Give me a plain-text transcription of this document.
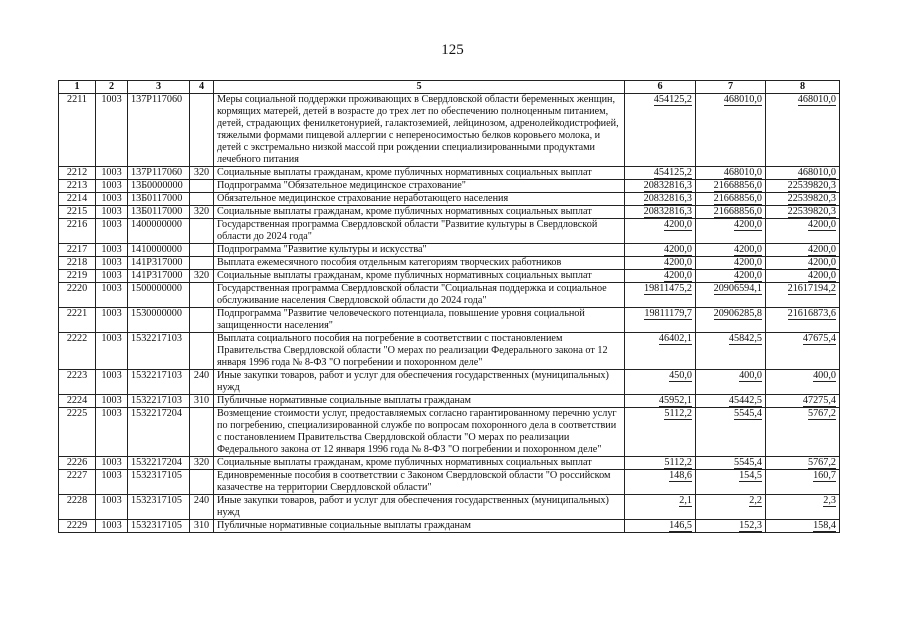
125
1	2	3	4	5	6	7	8
2211	1003	137P117060		Меры социальной поддержки проживающих в Свердловской области беременных женщин, кормящих матерей, детей в возрасте до трех лет по обеспечению полноценным питанием, детей, страдающих фенилкетонурией, галактоземией, лейцинозом, адренолейкодистрофией, тяжелыми формами пищевой аллергии с непереносимостью белков коровьего молока, и детей с экстремально низкой массой при рождении специализированными продуктами лечебного питания	454125,2	468010,0	468010,0
2212	1003	137P117060	320	Социальные выплаты гражданам, кроме публичных нормативных социальных выплат	454125,2	468010,0	468010,0
2213	1003	13Б0000000		Подпрограмма "Обязательное медицинское страхование"	20832816,3	21668856,0	22539820,3
2214	1003	13Б0117000		Обязательное медицинское страхование неработающего населения	20832816,3	21668856,0	22539820,3
2215	1003	13Б0117000	320	Социальные выплаты гражданам, кроме публичных нормативных социальных выплат	20832816,3	21668856,0	22539820,3
2216	1003	1400000000		Государственная программа Свердловской области "Развитие культуры в Свердловской области до 2024 года"	4200,0	4200,0	4200,0
2217	1003	1410000000		Подпрограмма "Развитие культуры и искусства"	4200,0	4200,0	4200,0
2218	1003	141P317000		Выплата ежемесячного пособия отдельным категориям творческих работников	4200,0	4200,0	4200,0
2219	1003	141P317000	320	Социальные выплаты гражданам, кроме публичных нормативных социальных выплат	4200,0	4200,0	4200,0
2220	1003	1500000000		Государственная программа Свердловской области "Социальная поддержка и социальное обслуживание населения Свердловской области до 2024 года"	19811475,2	20906594,1	21617194,2
2221	1003	1530000000		Подпрограмма "Развитие человеческого потенциала, повышение уровня социальной защищенности населения"	19811179,7	20906285,8	21616873,6
2222	1003	1532217103		Выплата социального пособия на погребение в соответствии с постановлением Правительства Свердловской области "О мерах по реализации Федерального закона от 12 января 1996 года № 8-ФЗ "О погребении и похоронном деле"	46402,1	45842,5	47675,4
2223	1003	1532217103	240	Иные закупки товаров, работ и услуг для обеспечения государственных (муниципальных) нужд	450,0	400,0	400,0
2224	1003	1532217103	310	Публичные нормативные социальные выплаты гражданам	45952,1	45442,5	47275,4
2225	1003	1532217204		Возмещение стоимости услуг, предоставляемых согласно гарантированному перечню услуг по погребению, специализированной службе по вопросам похоронного дела в соответствии с постановлением Правительства Свердловской области "О мерах по реализации Федерального закона от 12 января 1996 года № 8-ФЗ "О погребении и похоронном деле"	5112,2	5545,4	5767,2
2226	1003	1532217204	320	Социальные выплаты гражданам, кроме публичных нормативных социальных выплат	5112,2	5545,4	5767,2
2227	1003	1532317105		Единовременные пособия в соответствии с Законом Свердловской области "О российском казачестве на территории Свердловской области"	148,6	154,5	160,7
2228	1003	1532317105	240	Иные закупки товаров, работ и услуг для обеспечения государственных (муниципальных) нужд	2,1	2,2	2,3
2229	1003	1532317105	310	Публичные нормативные социальные выплаты гражданам	146,5	152,3	158,4
